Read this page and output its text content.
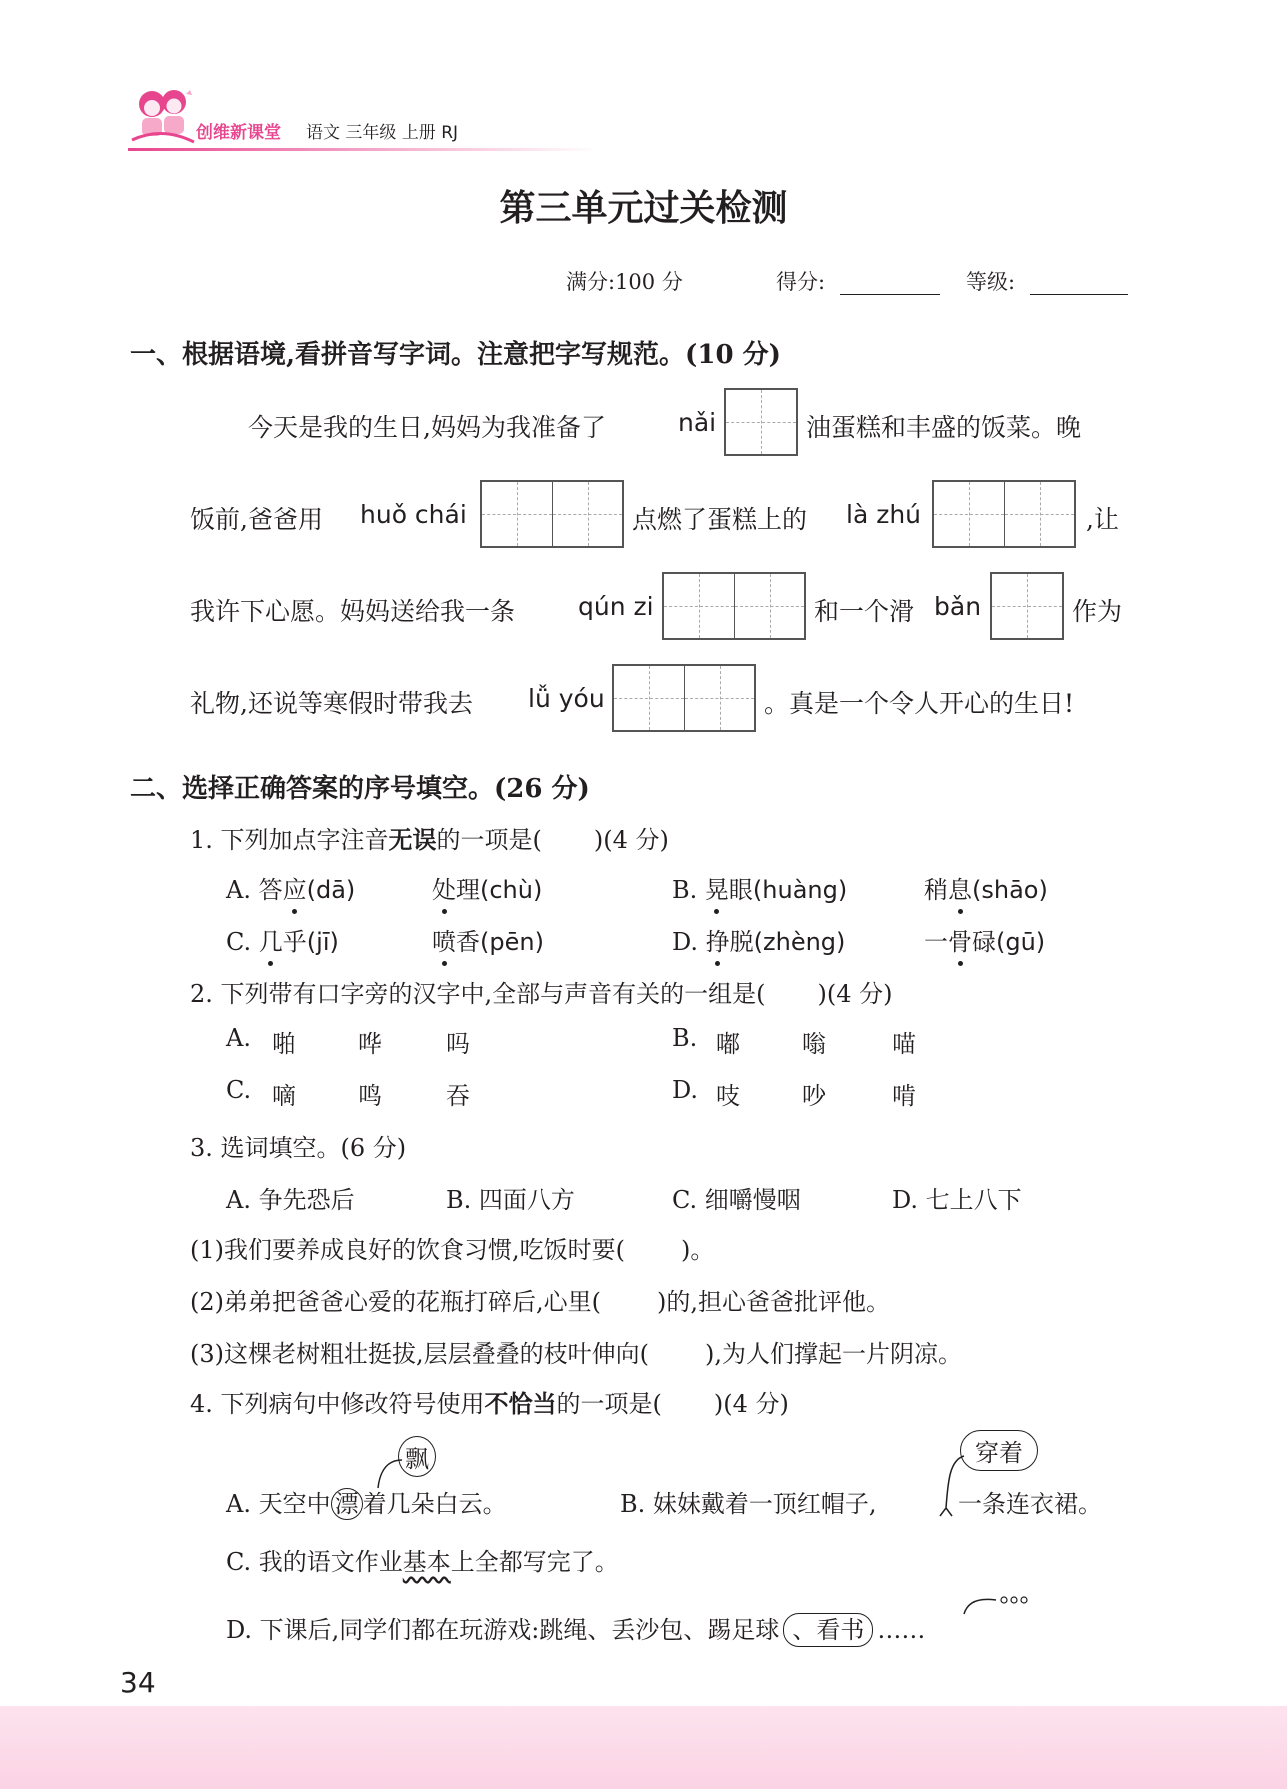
创维新课堂 语文 三年级 上册 RJ
第三单元过关检测
满分:100 分	得分:	等级:
一、根据语境,看拼音写字词。注意把字写规范。(10 分)
今天是我的生日,妈妈为我准备了	nǎi	油蛋糕和丰盛的饭菜。晚
饭前,爸爸用 huǒ chái	点燃了蛋糕上的 là zhú	,让
我许下心愿。妈妈送给我一条	qún zi	和一个滑 bǎn	作为
礼物,还说等寒假时带我去 lǚ yóu	。真是一个令人开心的生日!
二、选择正确答案的序号填空。(26 分)
1. 下列加点字注音无误的一项是( )(4 分)
A. 答应(dā)	处理(chù)	B. 晃眼(huàng)	稍息(shāo)
C. 几乎(jī)	喷香(pēn)	D. 挣脱(zhèng)	一骨碌(gū)
2. 下列带有口字旁的汉字中,全部与声音有关的一组是( )(4 分)
A. 啪	哗	吗	B. 嘟	嗡	喵
C. 嘀	鸣	吞	D. 吱	吵	啃
3. 选词填空。(6 分)
A. 争先恐后	B. 四面八方	C. 细嚼慢咽	D. 七上八下
(1)我们要养成良好的饮食习惯,吃饭时要( )。
(2)弟弟把爸爸心爱的花瓶打碎后,心里( )的,担心爸爸批评他。
(3)这棵老树粗壮挺拔,层层叠叠的枝叶伸向( ),为人们撑起一片阴凉。
4. 下列病句中修改符号使用不恰当的一项是( )(4 分)
飘
A. 天空中 漂 着几朵白云。
穿着
B. 妹妹戴着一顶红帽子,	一条连衣裙。
C. 我的语文作业基本上全都写完了。
D. 下课后,同学们都在玩游戏:跳绳、丢沙包、踢足球 、看书 ……
34
